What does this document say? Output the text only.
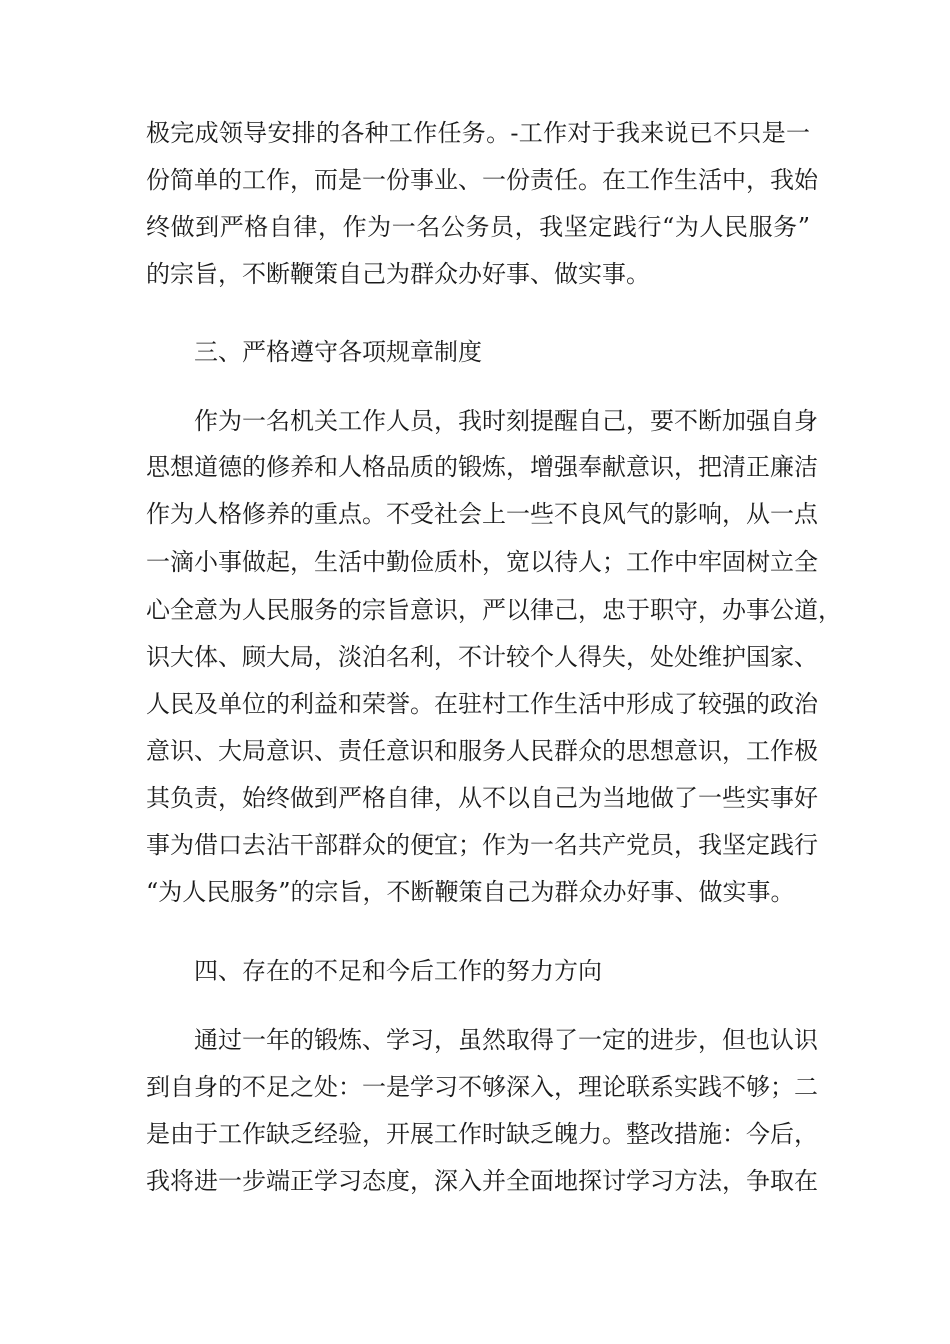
极完成领导安排的各种工作任务。-工作对于我来说已不只是一
份简单的工作，而是一份事业、一份责任。在工作生活中，我始
终做到严格自律，作为一名公务员，我坚定践行“为人民服务”
的宗旨，不断鞭策自己为群众办好事、做实事。
三、严格遵守各项规章制度
作为一名机关工作人员，我时刻提醒自己，要不断加强自身
思想道德的修养和人格品质的锻炼，增强奉献意识，把清正廉洁
作为人格修养的重点。不受社会上一些不良风气的影响，从一点
一滴小事做起，生活中勤俭质朴，宽以待人；工作中牢固树立全
心全意为人民服务的宗旨意识，严以律己，忠于职守，办事公道，
识大体、顾大局，淡泊名利，不计较个人得失，处处维护国家、
人民及单位的利益和荣誉。在驻村工作生活中形成了较强的政治
意识、大局意识、责任意识和服务人民群众的思想意识，工作极
其负责，始终做到严格自律，从不以自己为当地做了一些实事好
事为借口去沾干部群众的便宜；作为一名共产党员，我坚定践行
“为人民服务”的宗旨，不断鞭策自己为群众办好事、做实事。
四、存在的不足和今后工作的努力方向
通过一年的锻炼、学习，虽然取得了一定的进步，但也认识
到自身的不足之处：一是学习不够深入，理论联系实践不够；二
是由于工作缺乏经验，开展工作时缺乏魄力。整改措施：今后，
我将进一步端正学习态度，深入并全面地探讨学习方法，争取在
